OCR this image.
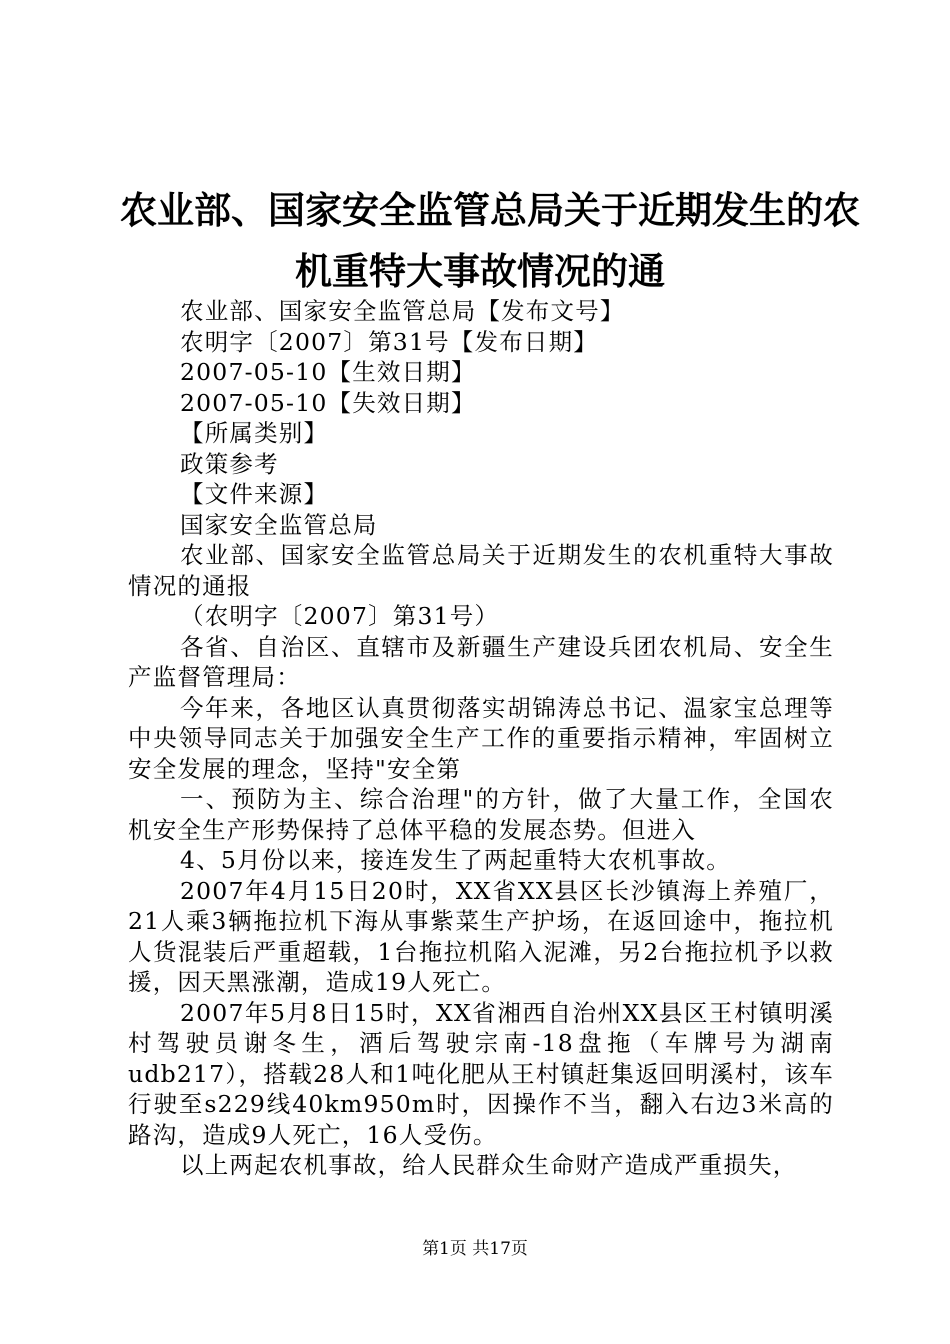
农业部、国家安全监管总局关于近期发生的农
机重特大事故情况的通

农业部、国家安全监管总局【发布文号】

农明字〔2007〕第31号【发布日期】

2007-05-10【生效日期】

2007-05-10【失效日期】

【所属类别】

政策参考

【文件来源】

国家安全监管总局

农业部、国家安全监管总局关于近期发生的农机重特大事故情况的通报

（农明字〔2007〕第31号）

各省、自治区、直辖市及新疆生产建设兵团农机局、安全生产监督管理局：

今年来，各地区认真贯彻落实胡锦涛总书记、温家宝总理等中央领导同志关于加强安全生产工作的重要指示精神，牢固树立安全发展的理念，坚持"安全第

一、预防为主、综合治理"的方针，做了大量工作，全国农机安全生产形势保持了总体平稳的发展态势。但进入

4、5月份以来，接连发生了两起重特大农机事故。

2007年4月15日20时，XX省XX县区长沙镇海上养殖厂，21人乘3辆拖拉机下海从事紫菜生产护场，在返回途中，拖拉机人货混装后严重超载，1台拖拉机陷入泥滩，另2台拖拉机予以救援，因天黑涨潮，造成19人死亡。

2007年5月8日15时，XX省湘西自治州XX县区王村镇明溪村驾驶员谢冬生，酒后驾驶宗南-18盘拖（车牌号为湖南udb217），搭载28人和1吨化肥从王村镇赶集返回明溪村，该车行驶至s229线40km950m时，因操作不当，翻入右边3米高的路沟，造成9人死亡，16人受伤。

以上两起农机事故，给人民群众生命财产造成严重损失，

第1页 共17页
